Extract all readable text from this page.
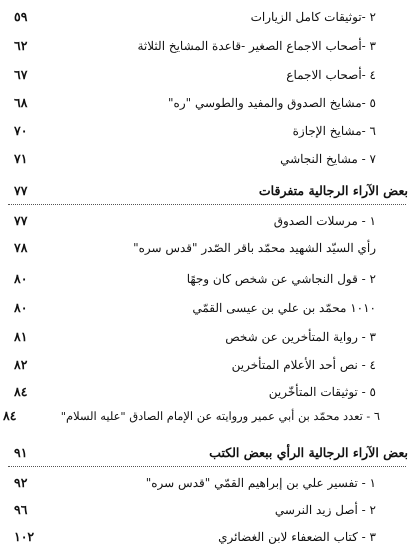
٢ -توثيقات كامل الزيارات
٥٩
٣ -أصحاب الاجماع الصغير -قاعدة المشايخ الثلاثة
٦٢
٤ -أصحاب الاجماع
٦٧
٥ -مشايخ الصدوق والمفيد والطوسي "ره"
٦٨
٦ -مشايخ الإجازة
٧٠
٧ - مشايخ النجاشي
٧١
بعض الآراء الرجالية متفرقات
٧٧
١ - مرسلات الصدوق
٧٧
رأي السيّد الشهيد محمّد باقر الصّدر "قدس سره"
٧٨
٢ - قول النجاشي عن شخص كان وجهًا
٨٠
١٠١٠ محمّد بن علي بن عيسى القمّي
٨٠
٣ - رواية المتأخرين عن شخص
٨١
٤ - نص أحد الأعلام المتأخرين
٨٢
٥ - توثيقات المتأخّرين
٨٤
٦ - تعدد محمّد بن أبي عمير وروايته عن الإمام الصادق "عليه السلام"
٨٤
بعض الآراء الرجالية الرأي ببعض الكتب
٩١
١ - تفسير علي بن إبراهيم القمّي "قدس سره"
٩٢
٢ - أصل زيد النرسي
٩٦
٣ - كتاب الضعفاء لابن الغضائري
١٠٢
